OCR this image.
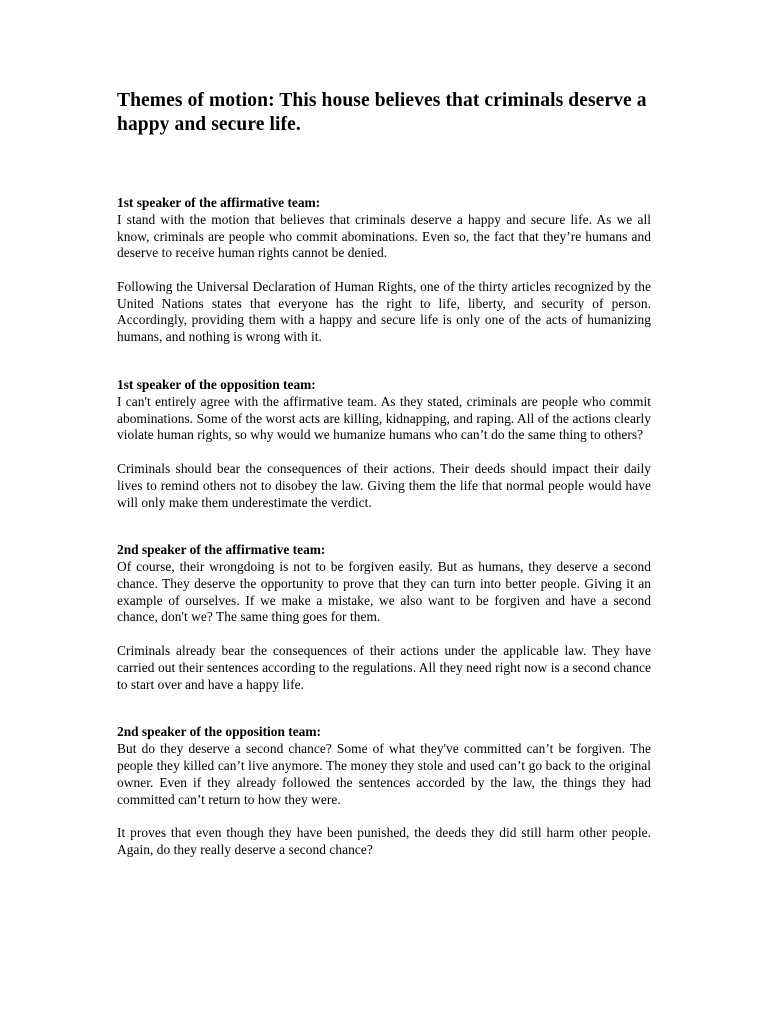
Themes of motion: This house believes that criminals deserve a happy and secure life.

1st speaker of the affirmative team:

I stand with the motion that believes that criminals deserve a happy and secure life. As we all know, criminals are people who commit abominations. Even so, the fact that they’re humans and deserve to receive human rights cannot be denied.

Following the Universal Declaration of Human Rights, one of the thirty articles recognized by the United Nations states that everyone has the right to life, liberty, and security of person. Accordingly, providing them with a happy and secure life is only one of the acts of humanizing humans, and nothing is wrong with it.

1st speaker of the opposition team:

I can't entirely agree with the affirmative team. As they stated, criminals are people who commit abominations. Some of the worst acts are killing, kidnapping, and raping. All of the actions clearly violate human rights, so why would we humanize humans who can’t do the same thing to others?

Criminals should bear the consequences of their actions. Their deeds should impact their daily lives to remind others not to disobey the law. Giving them the life that normal people would have will only make them underestimate the verdict.

2nd speaker of the affirmative team:

Of course, their wrongdoing is not to be forgiven easily. But as humans, they deserve a second chance. They deserve the opportunity to prove that they can turn into better people. Giving it an example of ourselves. If we make a mistake, we also want to be forgiven and have a second chance, don't we? The same thing goes for them.

Criminals already bear the consequences of their actions under the applicable law. They have carried out their sentences according to the regulations. All they need right now is a second chance to start over and have a happy life.

2nd speaker of the opposition team:

But do they deserve a second chance? Some of what they've committed can’t be forgiven. The people they killed can’t live anymore. The money they stole and used can’t go back to the original owner. Even if they already followed the sentences accorded by the law, the things they had committed can’t return to how they were.

It proves that even though they have been punished, the deeds they did still harm other people. Again, do they really deserve a second chance?
